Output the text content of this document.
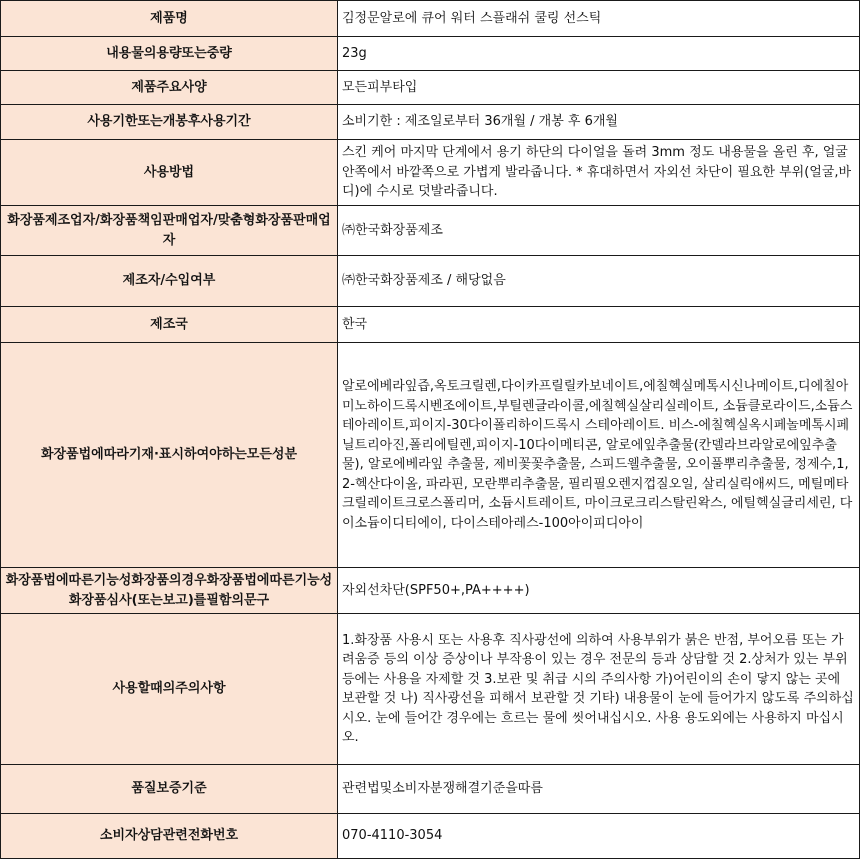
제품명	김정문알로에 큐어 워터 스플래쉬 쿨링 선스틱
내용물의용량또는중량	23g
제품주요사양	모든피부타입
사용기한또는개봉후사용기간	소비기한 : 제조일로부터 36개월 / 개봉 후 6개월
사용방법	스킨 케어 마지막 단계에서 용기 하단의 다이얼을 돌려 3mm 정도 내용물을 올린 후, 얼굴 안쪽에서 바깥쪽으로 가볍게 발라줍니다. * 휴대하면서 자외선 차단이 필요한 부위(얼굴,바디)에 수시로 덧발라줍니다.
화장품제조업자/화장품책임판매업자/맞춤형화장품판매업자	㈜한국화장품제조
제조자/수입여부	㈜한국화장품제조 / 해당없음
제조국	한국
화장품법에따라기재·표시하여야하는모든성분	알로에베라잎즙,옥토크릴렌,다이카프릴릴카보네이트,에칠헥실메톡시신나메이트,디에칠아미노하이드록시벤조에이트,부틸렌글라이콜,에칠헥실살리실레이트, 소듐클로라이드,소듐스테아레이트,피이지-30다이폴리하이드록시 스테아레이트. 비스-에칠헥실옥시페놀메톡시페닐트리아진,폴리에틸렌,피이지-10다이메티콘, 알로에잎추출물(칸델라브라알로에잎추출물), 알로에베라잎 추출물, 제비꽃꽃추출물, 스피드웰추출물, 오이풀뿌리추출물, 정제수,1,2-헥산다이올, 파라핀, 모란뿌리추출물, 필리필오렌지껍질오일, 살리실릭애씨드, 메틸메타크릴레이트크로스폴리머, 소듐시트레이트, 마이크로크리스탈린왁스, 에틸헥실글리세린, 다이소듐이디티에이, 다이스테아레스-100아이피디아이
화장품법에따른기능성화장품의경우화장품법에따른기능성화장품심사(또는보고)를필함의문구	자외선차단(SPF50+,PA++++)
사용할때의주의사항	1.화장품 사용시 또는 사용후 직사광선에 의하여 사용부위가 붉은 반점, 부어오름 또는 가려움증 등의 이상 증상이나 부작용이 있는 경우 전문의 등과 상담할 것 2.상처가 있는 부위 등에는 사용을 자제할 것 3.보관 및 취급 시의 주의사항 가)어린이의 손이 닿지 않는 곳에 보관할 것 나) 직사광선을 피해서 보관할 것 기타) 내용물이 눈에 들어가지 않도록 주의하십시오. 눈에 들어간 경우에는 흐르는 물에 씻어내십시오. 사용 용도외에는 사용하지 마십시오.
품질보증기준	관련법및소비자분쟁해결기준을따름
소비자상담관련전화번호	070-4110-3054
